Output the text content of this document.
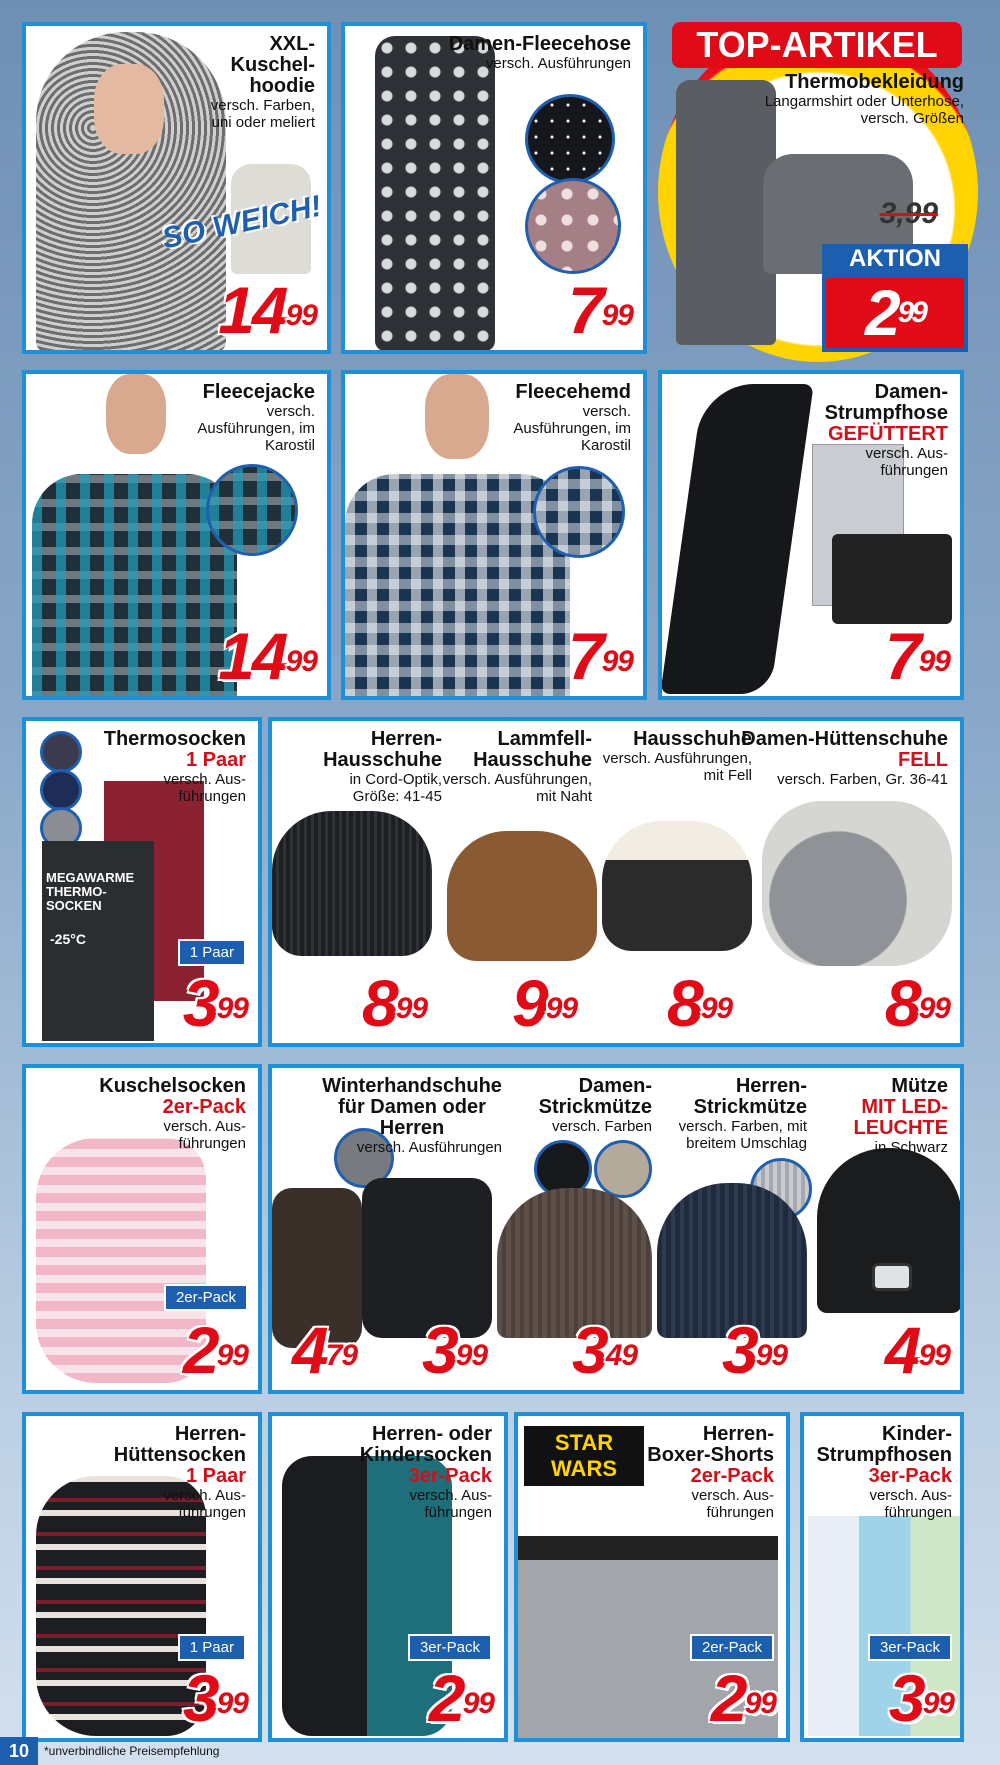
SO WEICH!
XXL-Kuschel-hoodie
versch. Farben, uni oder meliert
$14^{99}$
Damen-Fleecehose
versch. Ausführungen
$7^{99}$
TOP-ARTIKEL
Thermobekleidung
Langarmshirt oder Unterhose, versch. Größen
3,99
AKTION
$2^{99}$
Fleecejacke
versch. Ausführungen, im Karostil
$14^{99}$
Fleecehemd
versch. Ausführungen, im Karostil
$7^{99}$
Damen-Strumpfhose
GEFÜTTERT
versch. Aus-führungen
$7^{99}$
MEGAWARME THERMO-SOCKEN
-25°C
Thermosocken
1 Paar
versch. Aus-führungen
1 Paar
$3^{99}$
Herren-Hausschuhe
in Cord-Optik, Größe: 41-45
$8^{99}$
Lammfell-Hausschuhe
versch. Ausführungen, mit Naht
$9^{99}$
Hausschuhe
versch. Ausführungen, mit Fell
$8^{99}$
Damen-Hüttenschuhe
FELL
versch. Farben, Gr. 36-41
$8^{99}$
Kuschelsocken
2er-Pack
versch. Aus-führungen
2er-Pack
$2^{99}$
Winterhandschuhe für Damen oder Herren
versch. Ausführungen
$4^{79}$ $3^{99}$
Damen-Strickmütze
versch. Farben
$3^{49}$
Herren-Strickmütze
versch. Farben, mit breitem Umschlag
$3^{99}$
Mütze
MIT LED-LEUCHTE
in Schwarz
$4^{99}$
Herren-Hüttensocken
1 Paar
versch. Aus-führungen
1 Paar
$3^{99}$
Herren- oder Kindersocken
3er-Pack
versch. Aus-führungen
3er-Pack
$2^{99}$
STAR WARS
Herren-Boxer-Shorts
2er-Pack
versch. Aus-führungen
2er-Pack
$2^{99}$
Kinder-Strumpfhosen
3er-Pack
versch. Aus-führungen
3er-Pack
$3^{99}$
10	*unverbindliche Preisempfehlung
